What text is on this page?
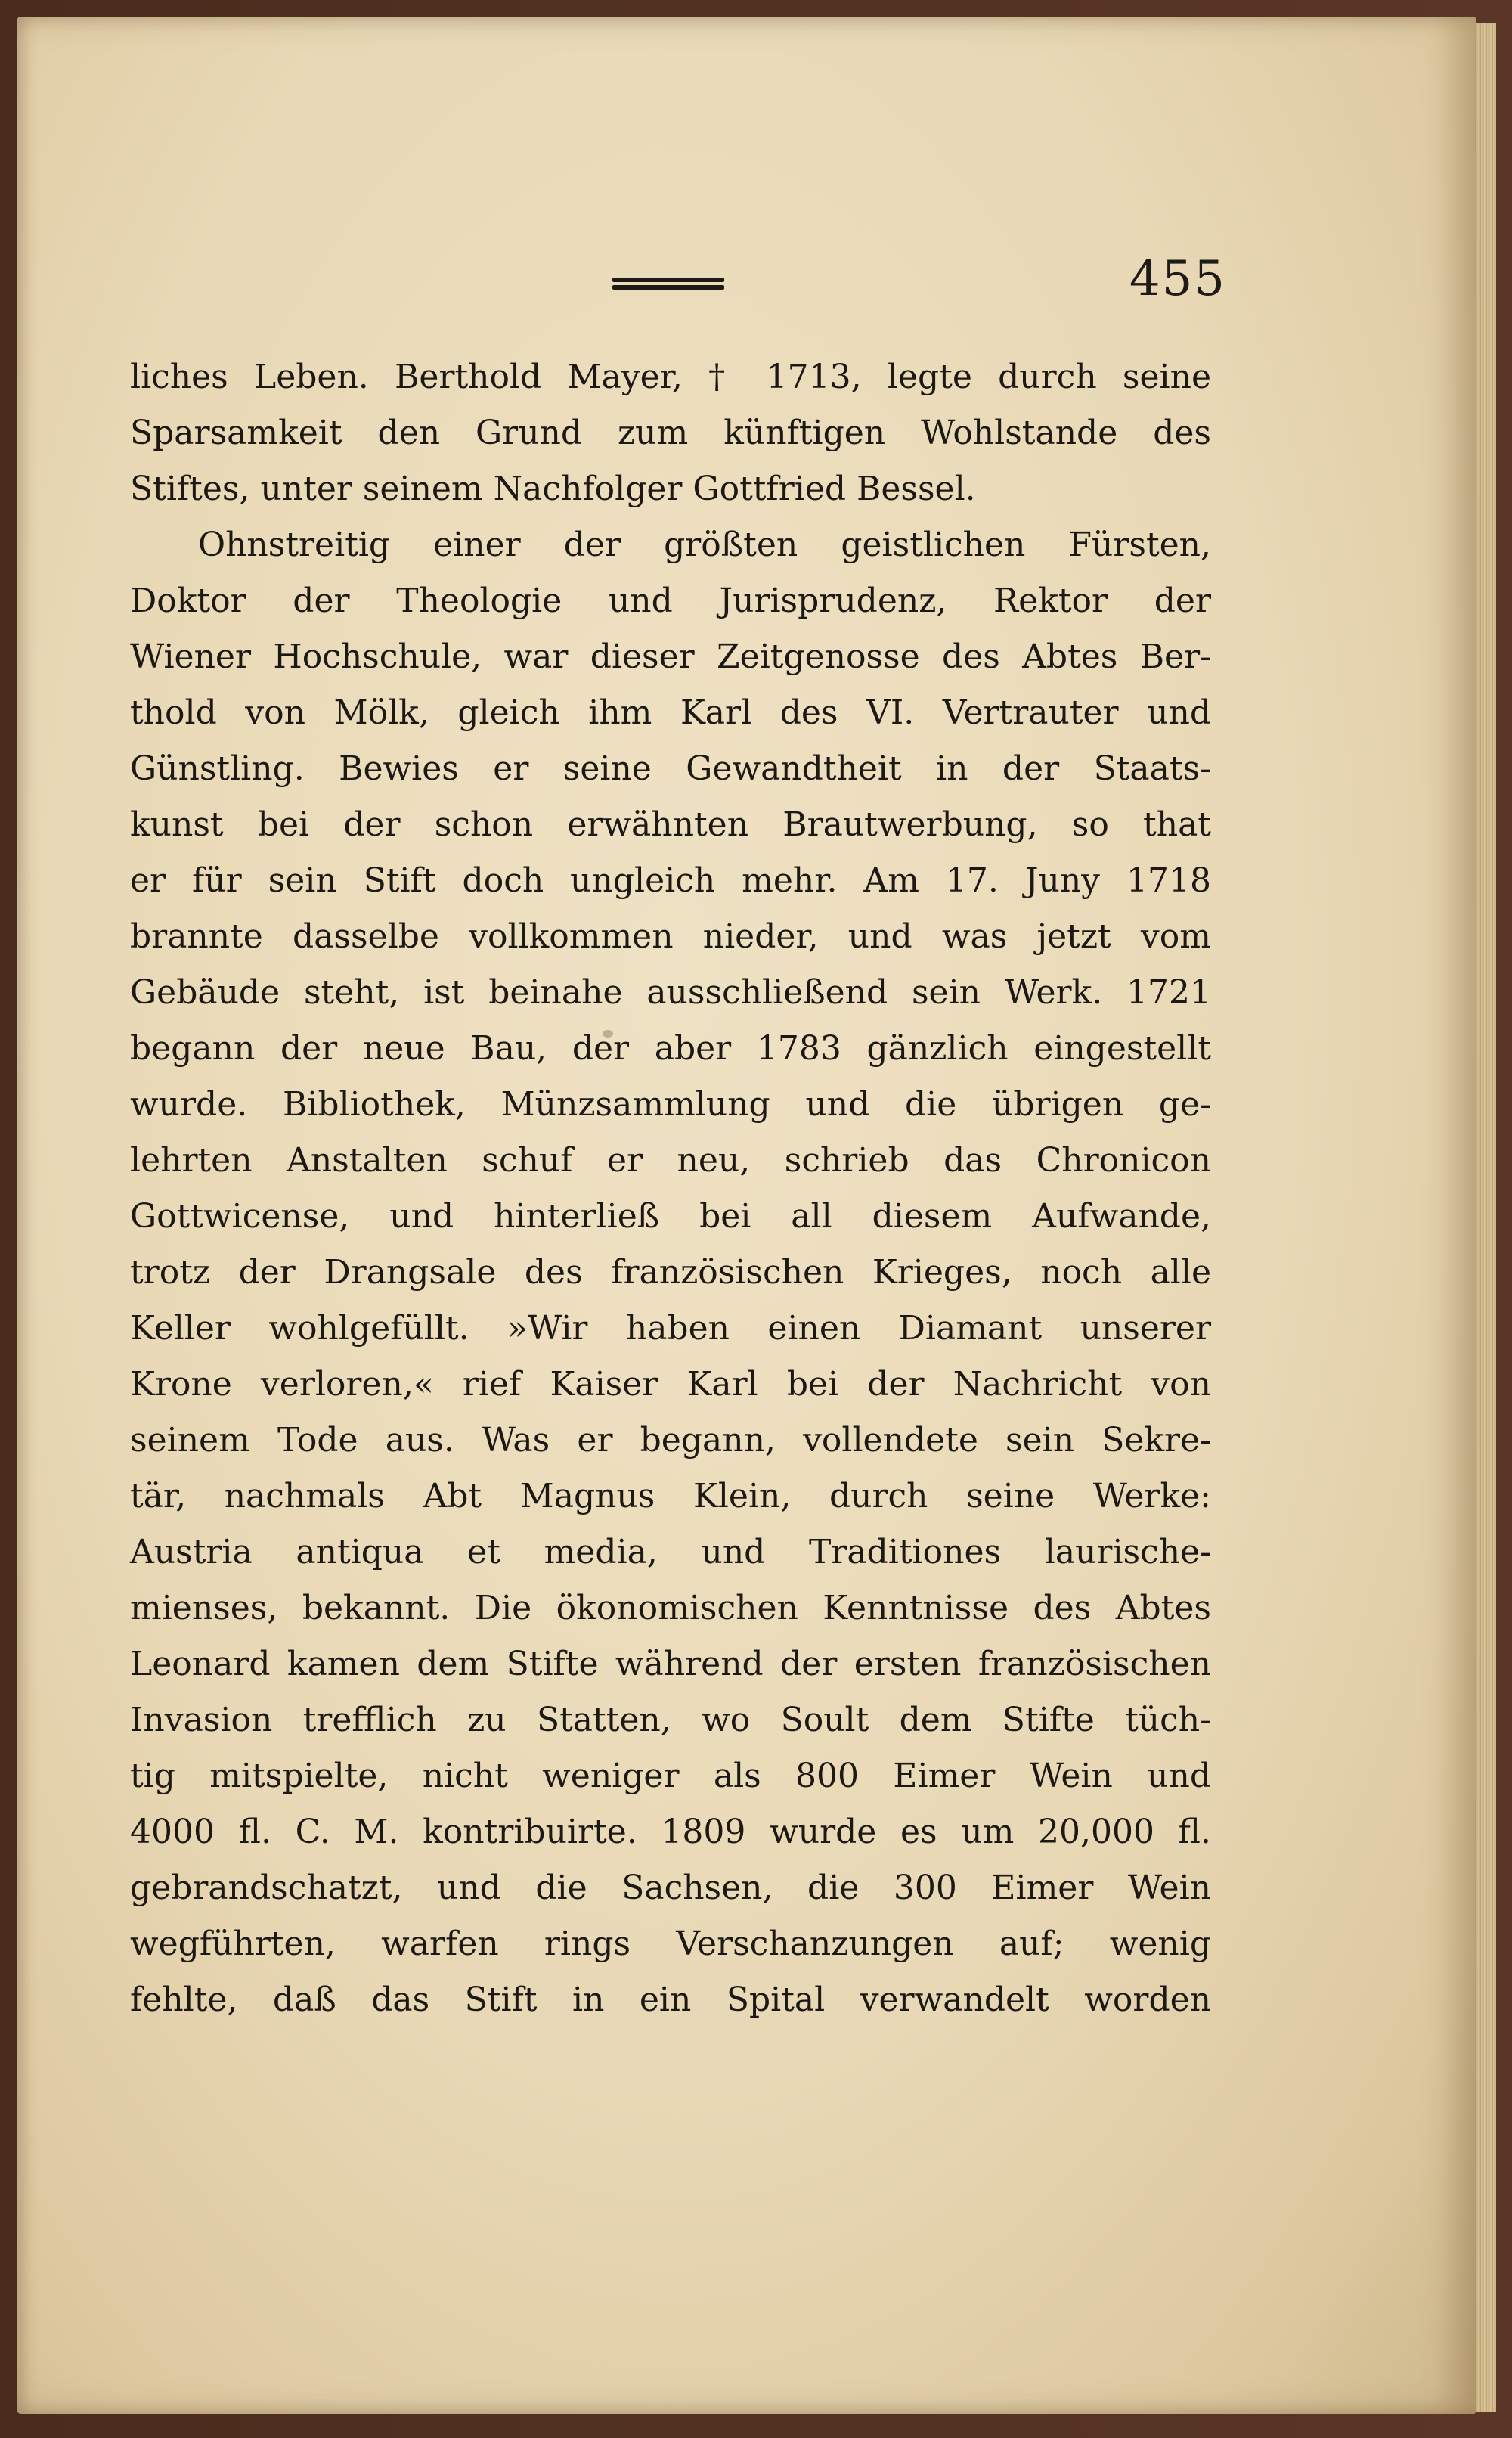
455
liches Leben. Berthold Mayer, † 1713, legte durch seine
Sparsamkeit den Grund zum künftigen Wohlstande des
Stiftes, unter seinem Nachfolger Gottfried Bessel.
Ohnstreitig einer der größten geistlichen Fürsten,
Doktor der Theologie und Jurisprudenz, Rektor der
Wiener Hochschule, war dieser Zeitgenosse des Abtes Ber-
thold von Mölk, gleich ihm Karl des VI. Vertrauter und
Günstling. Bewies er seine Gewandtheit in der Staats-
kunst bei der schon erwähnten Brautwerbung, so that
er für sein Stift doch ungleich mehr. Am 17. Juny 1718
brannte dasselbe vollkommen nieder, und was jetzt vom
Gebäude steht, ist beinahe ausschließend sein Werk. 1721
begann der neue Bau, der aber 1783 gänzlich eingestellt
wurde. Bibliothek, Münzsammlung und die übrigen ge-
lehrten Anstalten schuf er neu, schrieb das Chronicon
Gottwicense, und hinterließ bei all diesem Aufwande,
trotz der Drangsale des französischen Krieges, noch alle
Keller wohlgefüllt. »Wir haben einen Diamant unserer
Krone verloren,« rief Kaiser Karl bei der Nachricht von
seinem Tode aus. Was er begann, vollendete sein Sekre-
tär, nachmals Abt Magnus Klein, durch seine Werke:
Austria antiqua et media, und Traditiones laurische-
mienses, bekannt. Die ökonomischen Kenntnisse des Abtes
Leonard kamen dem Stifte während der ersten französischen
Invasion trefflich zu Statten, wo Soult dem Stifte tüch-
tig mitspielte, nicht weniger als 800 Eimer Wein und
4000 fl. C. M. kontribuirte. 1809 wurde es um 20,000 fl.
gebrandschatzt, und die Sachsen, die 300 Eimer Wein
wegführten, warfen rings Verschanzungen auf; wenig
fehlte, daß das Stift in ein Spital verwandelt worden
